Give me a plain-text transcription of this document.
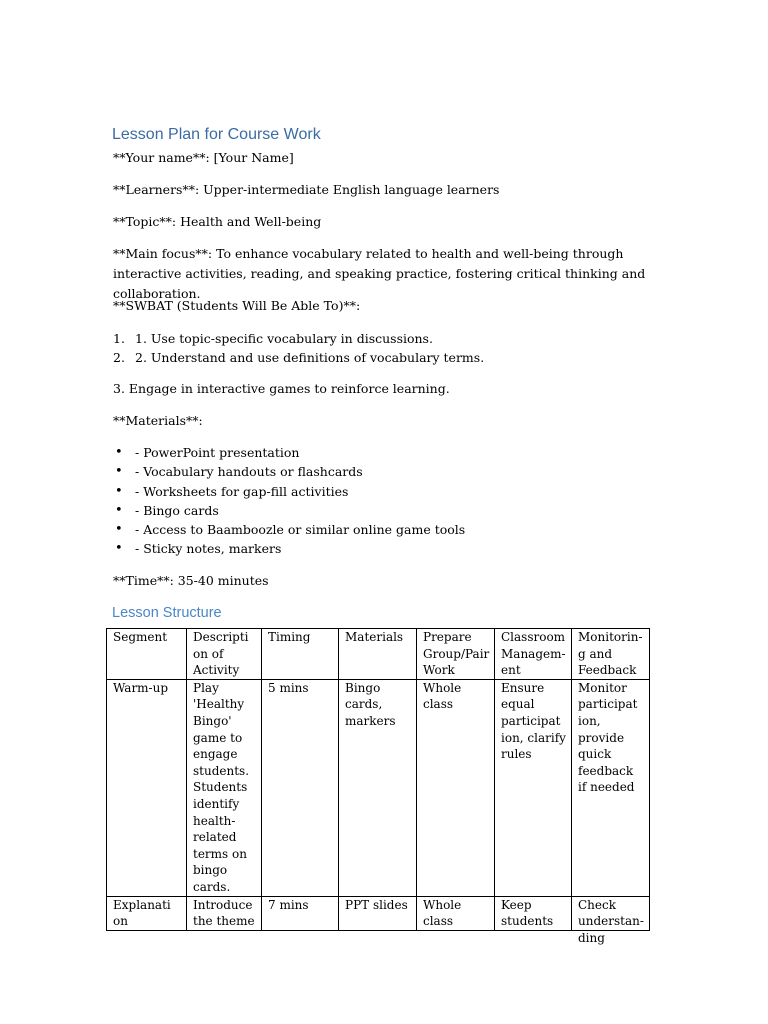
Lesson Plan for Course Work

**Your name**: [Your Name]

**Learners**: Upper-intermediate English language learners

**Topic**: Health and Well-being

**Main focus**: To enhance vocabulary related to health and well-being through interactive activities, reading, and speaking practice, fostering critical thinking and collaboration.

**SWBAT (Students Will Be Able To)**:

1. 1. Use topic-specific vocabulary in discussions.
2. 2. Understand and use definitions of vocabulary terms.

3. Engage in interactive games to reinforce learning.

**Materials**:

• - PowerPoint presentation
• - Vocabulary handouts or flashcards
• - Worksheets for gap-fill activities
• - Bingo cards
• - Access to Baamboozle or similar online game tools
• - Sticky notes, markers

**Time**: 35-40 minutes

Lesson Structure
Segment	Description of Activity	Timing	Materials	Prepare Group/Pair Work	Classroom Management	Monitoring and Feedback
Warm-up	Play 'Healthy Bingo' game to engage students. Students identify health-related terms on bingo cards.	5 mins	Bingo cards, markers	Whole class	Ensure equal participation, clarify rules	Monitor participation, provide quick feedback if needed

Explanation	Introduce the theme	7 mins	PPT slides	Whole class	Keep students	Check understanding
